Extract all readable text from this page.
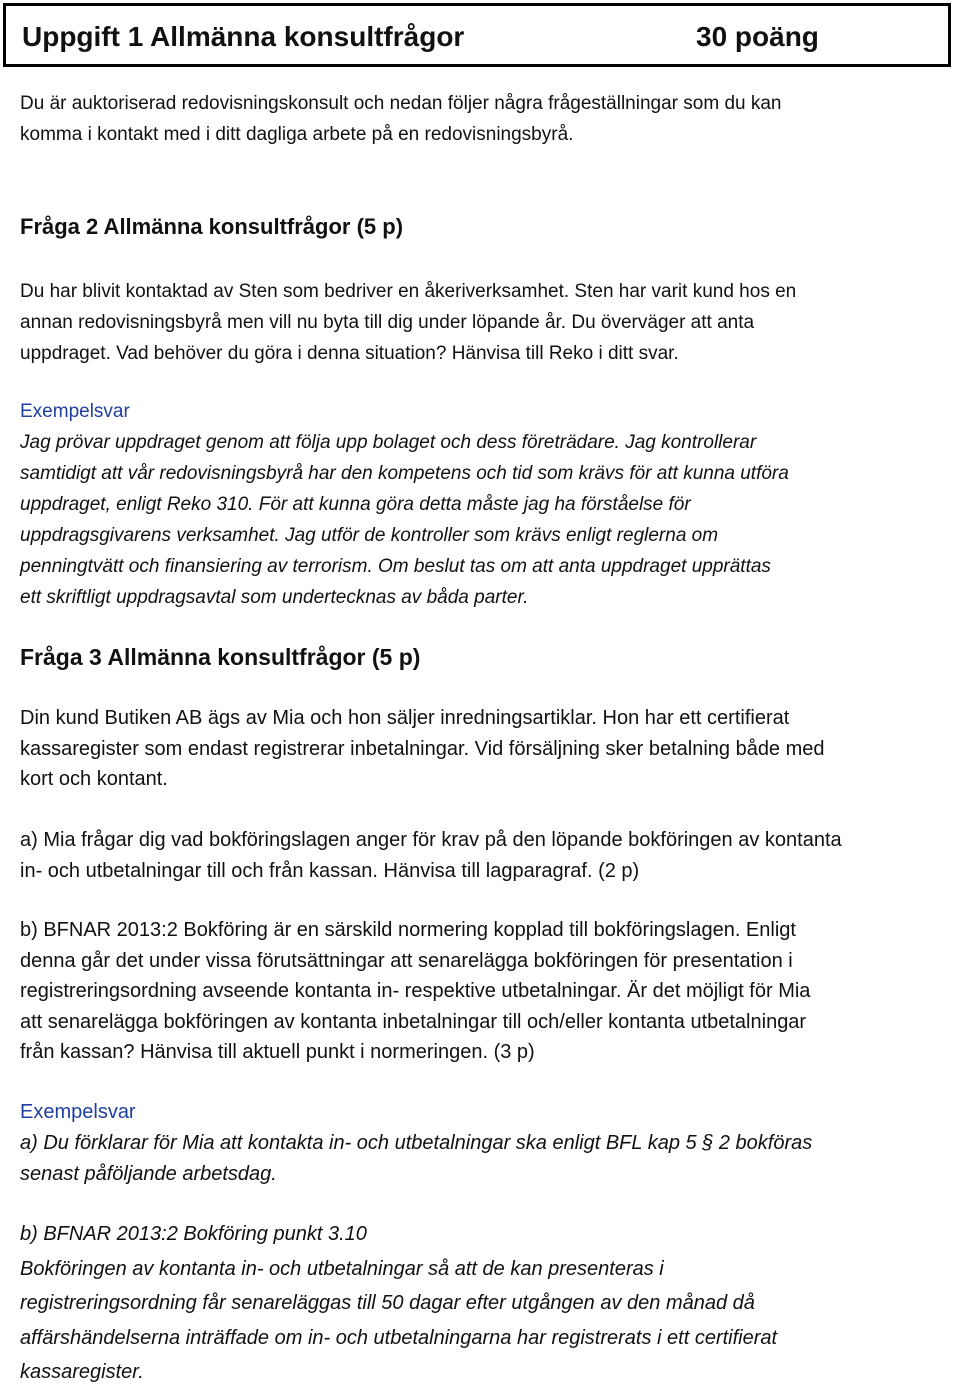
Uppgift 1 Allmänna konsultfrågor	30 poäng

Du är auktoriserad redovisningskonsult och nedan följer några frågeställningar som du kan
komma i kontakt med i ditt dagliga arbete på en redovisningsbyrå.

Fråga 2 Allmänna konsultfrågor (5 p)

Du har blivit kontaktad av Sten som bedriver en åkeriverksamhet. Sten har varit kund hos en
annan redovisningsbyrå men vill nu byta till dig under löpande år. Du överväger att anta
uppdraget. Vad behöver du göra i denna situation? Hänvisa till Reko i ditt svar.

Exempelsvar

Jag prövar uppdraget genom att följa upp bolaget och dess företrädare. Jag kontrollerar
samtidigt att vår redovisningsbyrå har den kompetens och tid som krävs för att kunna utföra
uppdraget, enligt Reko 310. För att kunna göra detta måste jag ha förståelse för
uppdragsgivarens verksamhet. Jag utför de kontroller som krävs enligt reglerna om
penningtvätt och finansiering av terrorism. Om beslut tas om att anta uppdraget upprättas
ett skriftligt uppdragsavtal som undertecknas av båda parter.

Fråga 3 Allmänna konsultfrågor (5 p)

Din kund Butiken AB ägs av Mia och hon säljer inredningsartiklar. Hon har ett certifierat
kassaregister som endast registrerar inbetalningar. Vid försäljning sker betalning både med
kort och kontant.

a) Mia frågar dig vad bokföringslagen anger för krav på den löpande bokföringen av kontanta
in- och utbetalningar till och från kassan. Hänvisa till lagparagraf. (2 p)

b) BFNAR 2013:2 Bokföring är en särskild normering kopplad till bokföringslagen. Enligt
denna går det under vissa förutsättningar att senarelägga bokföringen för presentation i
registreringsordning avseende kontanta in- respektive utbetalningar. Är det möjligt för Mia
att senarelägga bokföringen av kontanta inbetalningar till och/eller kontanta utbetalningar
från kassan? Hänvisa till aktuell punkt i normeringen. (3 p)

Exempelsvar

a) Du förklarar för Mia att kontakta in- och utbetalningar ska enligt BFL kap 5 § 2 bokföras
senast påföljande arbetsdag.

b) BFNAR 2013:2 Bokföring punkt 3.10
Bokföringen av kontanta in- och utbetalningar så att de kan presenteras i
registreringsordning får senareläggas till 50 dagar efter utgången av den månad då
affärshändelserna inträffade om in- och utbetalningarna har registrerats i ett certifierat
kassaregister.
